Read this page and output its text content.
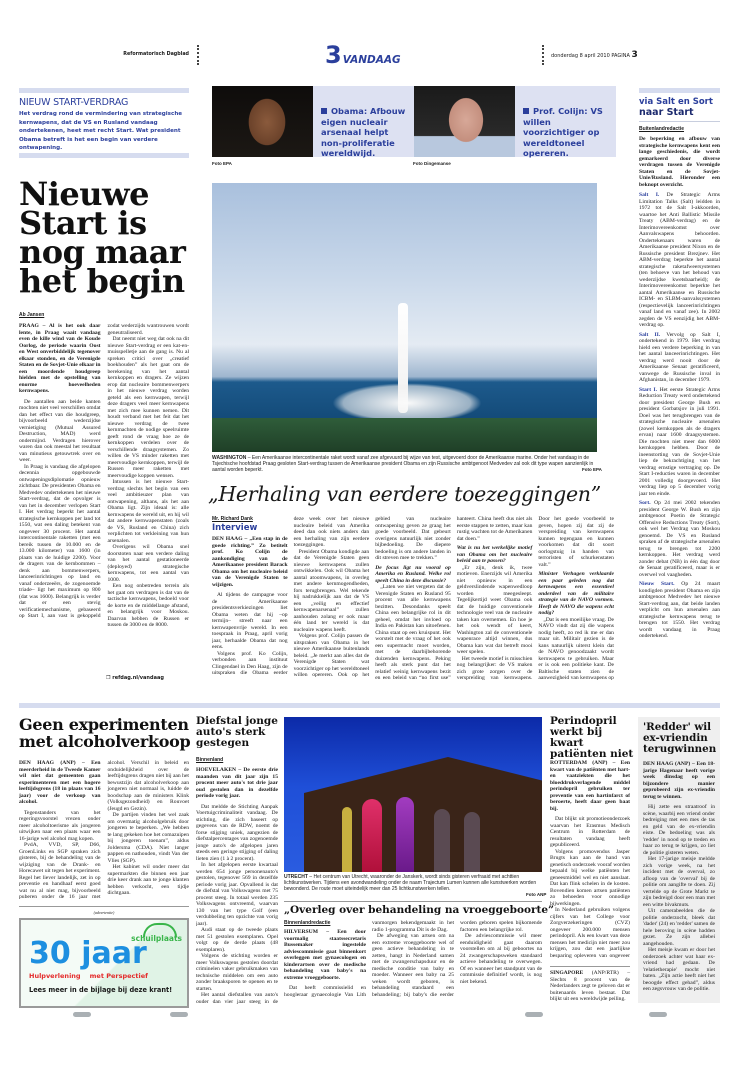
Reformatorisch Dagblad	3VANDAAG	donderdag 8 april 2010 PAGINA 3
NIEUW START-VERDRAG
Het verdrag rond de vermindering van strategische kernwapens, dat de VS en Rusland vandaag ondertekenen, heet met recht Start. Wat president Obama betreft is het een begin van verdere ontwapening.
Obama: Afbouw eigen nucleair arsenaal helpt non-proliferatie wereldwijd.
Prof. Colijn: VS willen voorzichtiger op wereldtoneel opereren.
Foto EPA	Foto Dingemanse
Nieuwe Start is nog maar het begin
Ab Jansen

PRAAG – Al is het ook daar lente, in Praag waait vandaag even de kille wind van de Koude Oorlog, de periode waarin Oost en West onverbiddelijk tegenover elkaar stonden, en de Verenigde Staten en de Sovjet-Unie elkaar in een moordende houdgreep hielden met de opstelling van enorme hoeveelheden kernwapens.

De aantallen aan beide kanten mochten niet veel verschillen omdat dan het effect van die houdgreep, bijvoorbeeld wederzijdse vernietiging (Mutual Assured Destruction, MAD) werd ondermijnd. Verdragen hierover waren dan ook meestal het resultaat van minutieus getouwtrek over en weer.

In Praag is vandaag die afgelopen decennia opgebouwde ontwapeningsdiplomatie opnieuw zichtbaar. De presidenten Obama en Medvedev ondertekenen het nieuwe Start-verdrag, dat de opvolger is van het in december verlopen Start I. Het verdrag beperkt het aantal strategische kernkoppen per land tot 1550, wat een daling betekent van ongeveer 30 procent. Het aantal intercontinentale raketten (met een bereik tussen de 10.000 en de 13.000 kilometer) van 1600 (in plaats van de huidige 2200). Voor de dragers van de kernbommen –denk aan bommenwerpers, lanceerinrichtingen op land en vanaf onderzeeërs, de zogenoemde triade– ligt het maximum op 800 (dat was 1600). Belangrijk is verder dat er een stevig verificatiemechanisme, gebaseerd op Start I, aan vast is gekoppeld zodat wederzijds wantrouwen wordt geneutraliseerd.

Dat neemt niet weg dat ook na dit nieuwe Start-verdrag er een kat-en-muisspelletje aan de gang is. Nu al spreken critici over „creatief boekhouden” als het gaat om de berekening van het aantal kernkoppen en dragers. Ze wijzen erop dat nucleaire bommenwerpers in het nieuwe verdrag worden geteld als een kernwapen, terwijl deze dragers veel meer kernwapens met zich mee kunnen nemen. Dit houdt verband met het feit dat het nieuwe verdrag de twee kernmachten de nodige speelruimte geeft rond de vraag hoe ze de kernkoppen verdelen over de verschillende draagsystemen. Zo willen de VS minder raketten met meervoudige kernkoppen, terwijl de Russen meer raketten met meervoudige koppen wensen.

Intussen is het nieuwe Start-verdrag slechts het begin van een veel ambitieuzer plan van ontwapening, althans, als het aan Obama ligt. Zijn ideaal is: alle kernwapens de wereld uit, en hij wil dat andere kernwapenstaten (zoals de VS, Rusland en China) zich verplichten tot verkleining van hun arsenalen.

Overigens wil Obama snel doorstoten naar een verdere daling van het aantal gestationeerde (deployed) strategische kernwapens, tot een aantal van 1000.

Een nog onbetreden terrein als het gaat om verdragen is dat van de tactische kernwapens, bedoeld voor de korte en de middellange afstand, en belangrijk voor Moskou. Daarvan hebben de Russen er tussen de 3000 en de 8000.

❐ refdag.nl/vandaag
WASHINGTON – Een Amerikaanse intercontinentale raket wordt vanaf zee afgevuurd bij wijze van test, uitgevoerd door de Amerikaanse marine. Onder het vandaag in de Tsjechische hoofdstad Praag gesloten Start-verdrag tussen de Amerikaanse president Obama en zijn Russische ambtgenoot Medvedev zal ook dit type wapen aanzienlijk in aantal worden beperkt.	Foto EPA
„Herhaling van eerdere toezeggingen”
Mr. Richard Dank
Interview

DEN HAAG – „Een stap in de goede richting.” Zo betitelt prof. Ko Colijn de aankondiging van de Amerikaanse president Barack Obama om het nucleaire beleid van de Verenigde Staten te wijzigen.

Al tijdens de campagne voor de Amerikaanse presidentsverkiezingen liet Obama weten dat hij –op termijn– streeft naar een kernwapenvrije wereld. In een toespraak in Praag, april vorig jaar, herhaalde Obama dat nog eens.

Volgens prof. Ko Colijn, verbonden aan instituut Clingendael in Den Haag, zijn de uitspraken die Obama eerder deze week over het nieuwe nucleaire beleid van Amerika deed dan ook niets anders dan een herhaling van zijn eerdere toezeggingen.

President Obama kondigde aan dat de Verenigde Staten geen nieuwe kernwapens zullen ontwikkelen. Ook wil Obama het aantal atoomwapens, in overleg met andere kernmogendheden, fors terugbrengen. Wel tekende hij nadrukkelijk aan dat de VS een „veilig en effectief kernwapenarsenaal” zullen aanhouden zolang er ook maar één land ter wereld is dat nucleaire wapens heeft.

Volgens prof. Colijn passen de uitspraken van Obama in het nieuwe Amerikaanse buitenlands beleid. „Je merkt aan alles dat de Verenigde Staten wat voorzichtiger op het wereldtoneel willen opereren. Ook op het gebied van nucleaire ontwapening geven ze graag het goede voorbeeld. Dat gebeurt overigens natuurlijk niet zonder bijbedoeling. De diepere bedoeling is om andere landen in dit streven mee te trekken.”

De focus ligt nu vooral op Amerika en Rusland. Welke rol speelt China in deze discussie?

„Laten we niet vergeten dat de Verenigde Staten en Rusland 95 procent van alle kernwapens bezitten. Desondanks speelt China een belangrijke rol in dit geheel, omdat het invloed op India en Pakistan kan uitoefenen. China staat op een kruispunt. Het worstelt met de vraag of het ook een supermacht moet worden, met de daarbijbehorende duizenden kernwapens. Peking heeft als sterk punt dat het relatief weinig kernwapens bezit en een beleid van “no first use” hanteert. China heeft dus niet als eerste stappen te zetten, maar kan rustig wachten tot de Amerikanen dat doen.”

Wat is nu het werkelijke motief van Obama om het nucleaire beleid aan te passen?

„Er zijn, denk ik, twee motieven. Enerzijds wil Amerika niet opnieuw in een geldverslindende wapenwedloop worden meegesleept. Tegelijkertijd weet Obama ook dat de huidige conventionele technologie veel van de nucleaire taken kan overnemen. En hoe je het ook wendt of keert, Washington zal de conventionele wapenrace altijd winnen, dus Obama kan wat dat betreft mooi weer spelen.

Het tweede motief is misschien nog belangrijker: de VS maken zich grote zorgen over de verspreiding van kernwapens. Door het goede voorbeeld te geven, hopen zij dat zij de verspreiding van kernwapens kunnen tegengaan en kunnen voorkomen dat dit soort oorlogstuig in handen van terroristen of schurkenstaten valt.”

Minister Verhagen verklaarde een paar geleden nog dat kernwapens een essentieel onderdeel van de militaire strategie van de NAVO vormen. Heeft de NAVO die wapens echt nodig?

„Dat is een moeilijke vraag. De NAVO vindt dat zij die wapens nodig heeft, zo red ik me er dan maar uit. Militair gezien is de kans natuurlijk uiterst klein dat de NAVO genoodzaakt wordt kernwapens te gebruiken. Maar er is ook een politieke kant. De Baltische staten zien de aanwezigheid van kernwapens op

via Salt en Sort
naar Start
Buitenlandredactie

De beperking en afbouw van strategische kernwapens kent een lange geschiedenis, die wordt gemarkeerd door diverse verdragen tussen de Verenigde Staten en de Sovjet-Unie/Rusland. Hieronder een beknopt overzicht.

Salt I. De Strategic Arms Limitation Talks (Salt) leidden in 1972 tot de Salt I-akkoorden, waartoe het Anti Ballistic Missile Treaty (ABM-verdrag) en de Interimovereenkomst over Aanvalswapens behoorden. Ondertekenaars waren de Amerikaanse president Nixon en de Russische president Brezjnev. Het ABM-verdrag beperkte het aantal strategische raketafweersystemen (ten behoeve van het behoud van wederzijdse kwetsbaarheid); de Interimovereenkomst beperkte het aantal Amerikaanse en Russische ICBM- en SLBM-aanvalssystemen (respectievelijk lanceerinrichtingen vanaf land en vanaf zee). In 2002 zegden de VS eenzijdig het ABM-verdrag op.

Salt II. Vervolg op Salt I, ondertekend in 1979. Het verdrag hield een verdere beperking in van het aantal lanceerinrichtingen. Het verdrag werd nooit door de Amerikaanse Senaat geratificeerd, vanwege de Russische inval in Afghanistan, in december 1979.

Start I. Het eerste Strategic Arms Reduction Treaty werd ondertekend door president George Bush en president Gorbatsjov in juli 1991. Doel was het terugbrengen van de strategische nucleaire arsenalen (zowel kernkoppen als de dragers ervan) naar 1600 draagsystemen. Die mochten niet meer dan 6000 kernkoppen hebben. Door de ineenstorting van de Sovjet-Unie liep de bekrachtiging van het verdrag ernstige vertraging op. De Start I-reducties waren in december 2001 volledig doorgevoerd. Het verdrag liep op 5 december vorig jaar ten einde.

Sort. Op 24 mei 2002 tekenden president George W. Bush en zijn ambtgenoot Poetin de Strategic Offensive Reductions Treaty (Sort), ook wel het Verdrag van Moskou genoemd. De VS en Rusland spraken af de strategische arsenalen terug te brengen tot 2200 kernkoppen. Het verdrag werd zonder debat (NB) in één dag door de Senaat geratificeerd, maar is er overwel vol vaagheden.

Nieuw Start. Op 24 maart kondigden president Obama en zijn ambtgenoot Medvedev het nieuwe Start-verdrag aan, dat beide landen verplicht om hun arsenalen aan strategische kernwapens terug te brengen tot 1550. Het verdrag wordt vandaag in Praag ondertekend.

Geen experimenten met alcoholverkoop

DEN HAAG (ANP) – Een meerderheid in de Tweede Kamer wil niet dat gemeenten gaan experimenteren met een hogere leeftijdsgrens (18 in plaats van 16 jaar) voor de verkoop van alcohol.

Tegenstanders van het regeringsvoorstel vrezen onder meer alcoholtoerisme als jongeren uitwijken naar een plaats waar een 16-jarige wel alcohol mag kopen.

PvdA, VVD, SP, D66, GroenLinks en SGP spraken zich gisteren, bij de behandeling van de wijziging van de Drank- en Horecawet uit tegen het experiment. Regel het liever landelijk, zet in op preventie en handhaaf eerst goed wat nu al niet mag, bijvoorbeeld puberen onder de 16 jaar met alcohol. Verschil in beleid en onduidelijkheid over de leeftijdsgrens dragen niet bij aan het bewustzijn dat alcoholverkoop aan jongeren niet normaal is, luidde de boodschap aan de ministers Klink (Volksgezondheid) en Rouvoet (Jeugd en Gezin).

De partijen vinden het wel zaak om overmatig alcoholgebruik door jongeren te beperken. „We hebben te lang gekeken hoe het comazuipen bij jongeren toenam”, aldus Joldersma (CDA). Niet langer pappen en nathouden, vindt Van der Vlies (SGP).

Het kabinet wil onder meer dat supermarkten die binnen een jaar drie keer drank aan te jonge klanten hebben verkocht, een tijdje dichtgaan.

(advertentie)
schuilplaats
30 jaar
Hulpverlening met Perspectief
Lees meer in de bijlage bij deze krant!
Diefstal jonge auto's sterk gestegen
Binnenland

HOEVELAKEN – De eerste drie maanden van dit jaar zijn 15 procent meer auto's tot drie jaar oud gestolen dan in dezelfde periode vorig jaar.

Dat meldde de Stichting Aanpak Voertuigcriminaliteit vandaag. De stichting, die zich baseert op gegevens van de RDW, noemt de forse stijging uniek, aangezien de diefstalpercentages van zogenoemde jonge auto's de afgelopen jaren steeds een geringe stijging of daling lieten zien (1 à 2 procent).

In het afgelopen eerste kwartaal werden 654 jonge personenauto's gestolen, tegenover 569 in dezelfde periode vorig jaar. Opvallend is dat de diefstal van Volkswagens met 75 procent steeg. In totaal werden 235 Volkswagens ontvreemd, waarvan 130 van het type Golf (een verdubbeling ten opzichte van vorig jaar).

Audi staat op de tweede plaats met 51 gestolen exemplaren. Opel volgt op de derde plaats (48 exemplaren).

Volgens de stichting worden er meer Volkswagens gestolen doordat criminelen vaker gebruikmaken van technische middelen om een auto zonder braaksporen te openen en te starten.

Het aantal diefstallen van auto's ouder dan vier jaar steeg in de

UTRECHT – Het centrum van Utrecht, waaronder de Janskerk, wordt sinds gisteren verfraaid met achttien lichtkunstwerken. Tijdens een avondwandeling onder de naam Trajectum Lumen kunnen alle kunstwerken worden bewonderd. De route moet uiteindelijk meer dan 25 lichtkunstwerken tellen.
Foto ANP
„Overleg over behandeling na vroeggeboorte”
Binnenlandredactie

HILVERSUM – Een door voormalig staatssecretaris Bussemaker ingestelde adviescommissie gaat binnenkort overleggen met gynaecologen en kinderartsen over de medische behandeling van baby's na extreme vroeggeboorte.

Dat heeft commissielid en hoogleraar gynaecologie Van Lith vanmorgen bekendgemaakt in het radio 1-programma Dit is de Dag.

De afweging van artsen om na een extreme vroeggeboorte wel of geen actieve behandeling in te zetten, hangt in Nederland samen met de zwangerschapsduur en de medische conditie van baby en moeder. Wanneer een baby na 25 weken wordt geboren, is behandeling standaard een behandeling; bij baby's die eerder worden geboren spelen bijkomende factoren een belangrijke rol.

De adviescommissie wil meer eenduidigheid gaat daarom voorstellen om al bij geboortes na 24 zwangerschapsweken standaard actieve behandeling te overwegen. Of en wanneer het standpunt van de commissie definitief wordt, is nog niet bekend.

Perindopril werkt bij kwart patiënten niet

ROTTERDAM (ANP) – Een kwart van de patiënten met hart- en vaatziekten die het bloeddrukverlagende middel perindopril gebruiken ter preventie van een hartinfarct of beroerte, heeft daar geen baat bij.

Dat blijkt uit promotieonderzoek waarvan het Erasmus Medisch Centrum in Rotterdam de resultaten vandaag heeft gepubliceerd.

Volgens promovendus Jasper Brugts kan aan de hand van genetisch onderzoek vooraf worden bepaald bij welke patiënten het geneesmiddel wel en niet aanslaat. Dat kan flink schelen in de kosten. Bovendien komen artsen patiënten zo behoeden voor onnodige bijwerkingen.

In Nederland gebruiken volgens cijfers van het College voor Zorgverzekeringen (CVZ) ongeveer 200.000 mensen perindopril. Als een kwart van deze mensen het medicijn niet meer zou krijgen, zou dat een jaarlijkse besparing opleveren van ongeveer

SINGAPORE (ANP/RTR) – Slechts 8 procent van de Nederlanders zegt te geloven dat er buitenaards leven bestaat. Dat blijkt uit een wereldwijde peiling.

'Redder' wil ex-vriendin terugwinnen

DEN HAAG (ANP) – Een 18-jarige Hagenaar heeft vorige week dinsdag op een bijzondere manier geprobeerd zijn ex-vriendin terug te winnen.

Hij zette een straatroof in scène, waarbij een vriend onder bedreiging met een mes de tas en geld van de ex-vriendin eiste. De bedoeling was als 'redder' in nood op te treden en haar zo terug te krijgen, zo liet de politie gisteren weten.

Het 17-jarige meisje meldde zich vorige week, na het incident met de overval, zo afloop van de 'overval' bij de politie om aangifte te doen. Zij vertelde op de Grote Markt te zijn bedreigd door een man met een witte bivakmuts.

Uit camerabeelden die de politie onderzocht, bleek dat 'dader' (24) en 'redder' samen de hele beroving in scène hadden gezet. Ze zijn allebei aangehouden.

Het meisje kwam er door het onderzoek achter wat haar ex-vriend had gedaan. De 'relatietherapie' mocht niet baten. „Zijn actie heeft niet het beoogde effect gehad”, aldus een zegsvrouw van de politie.
